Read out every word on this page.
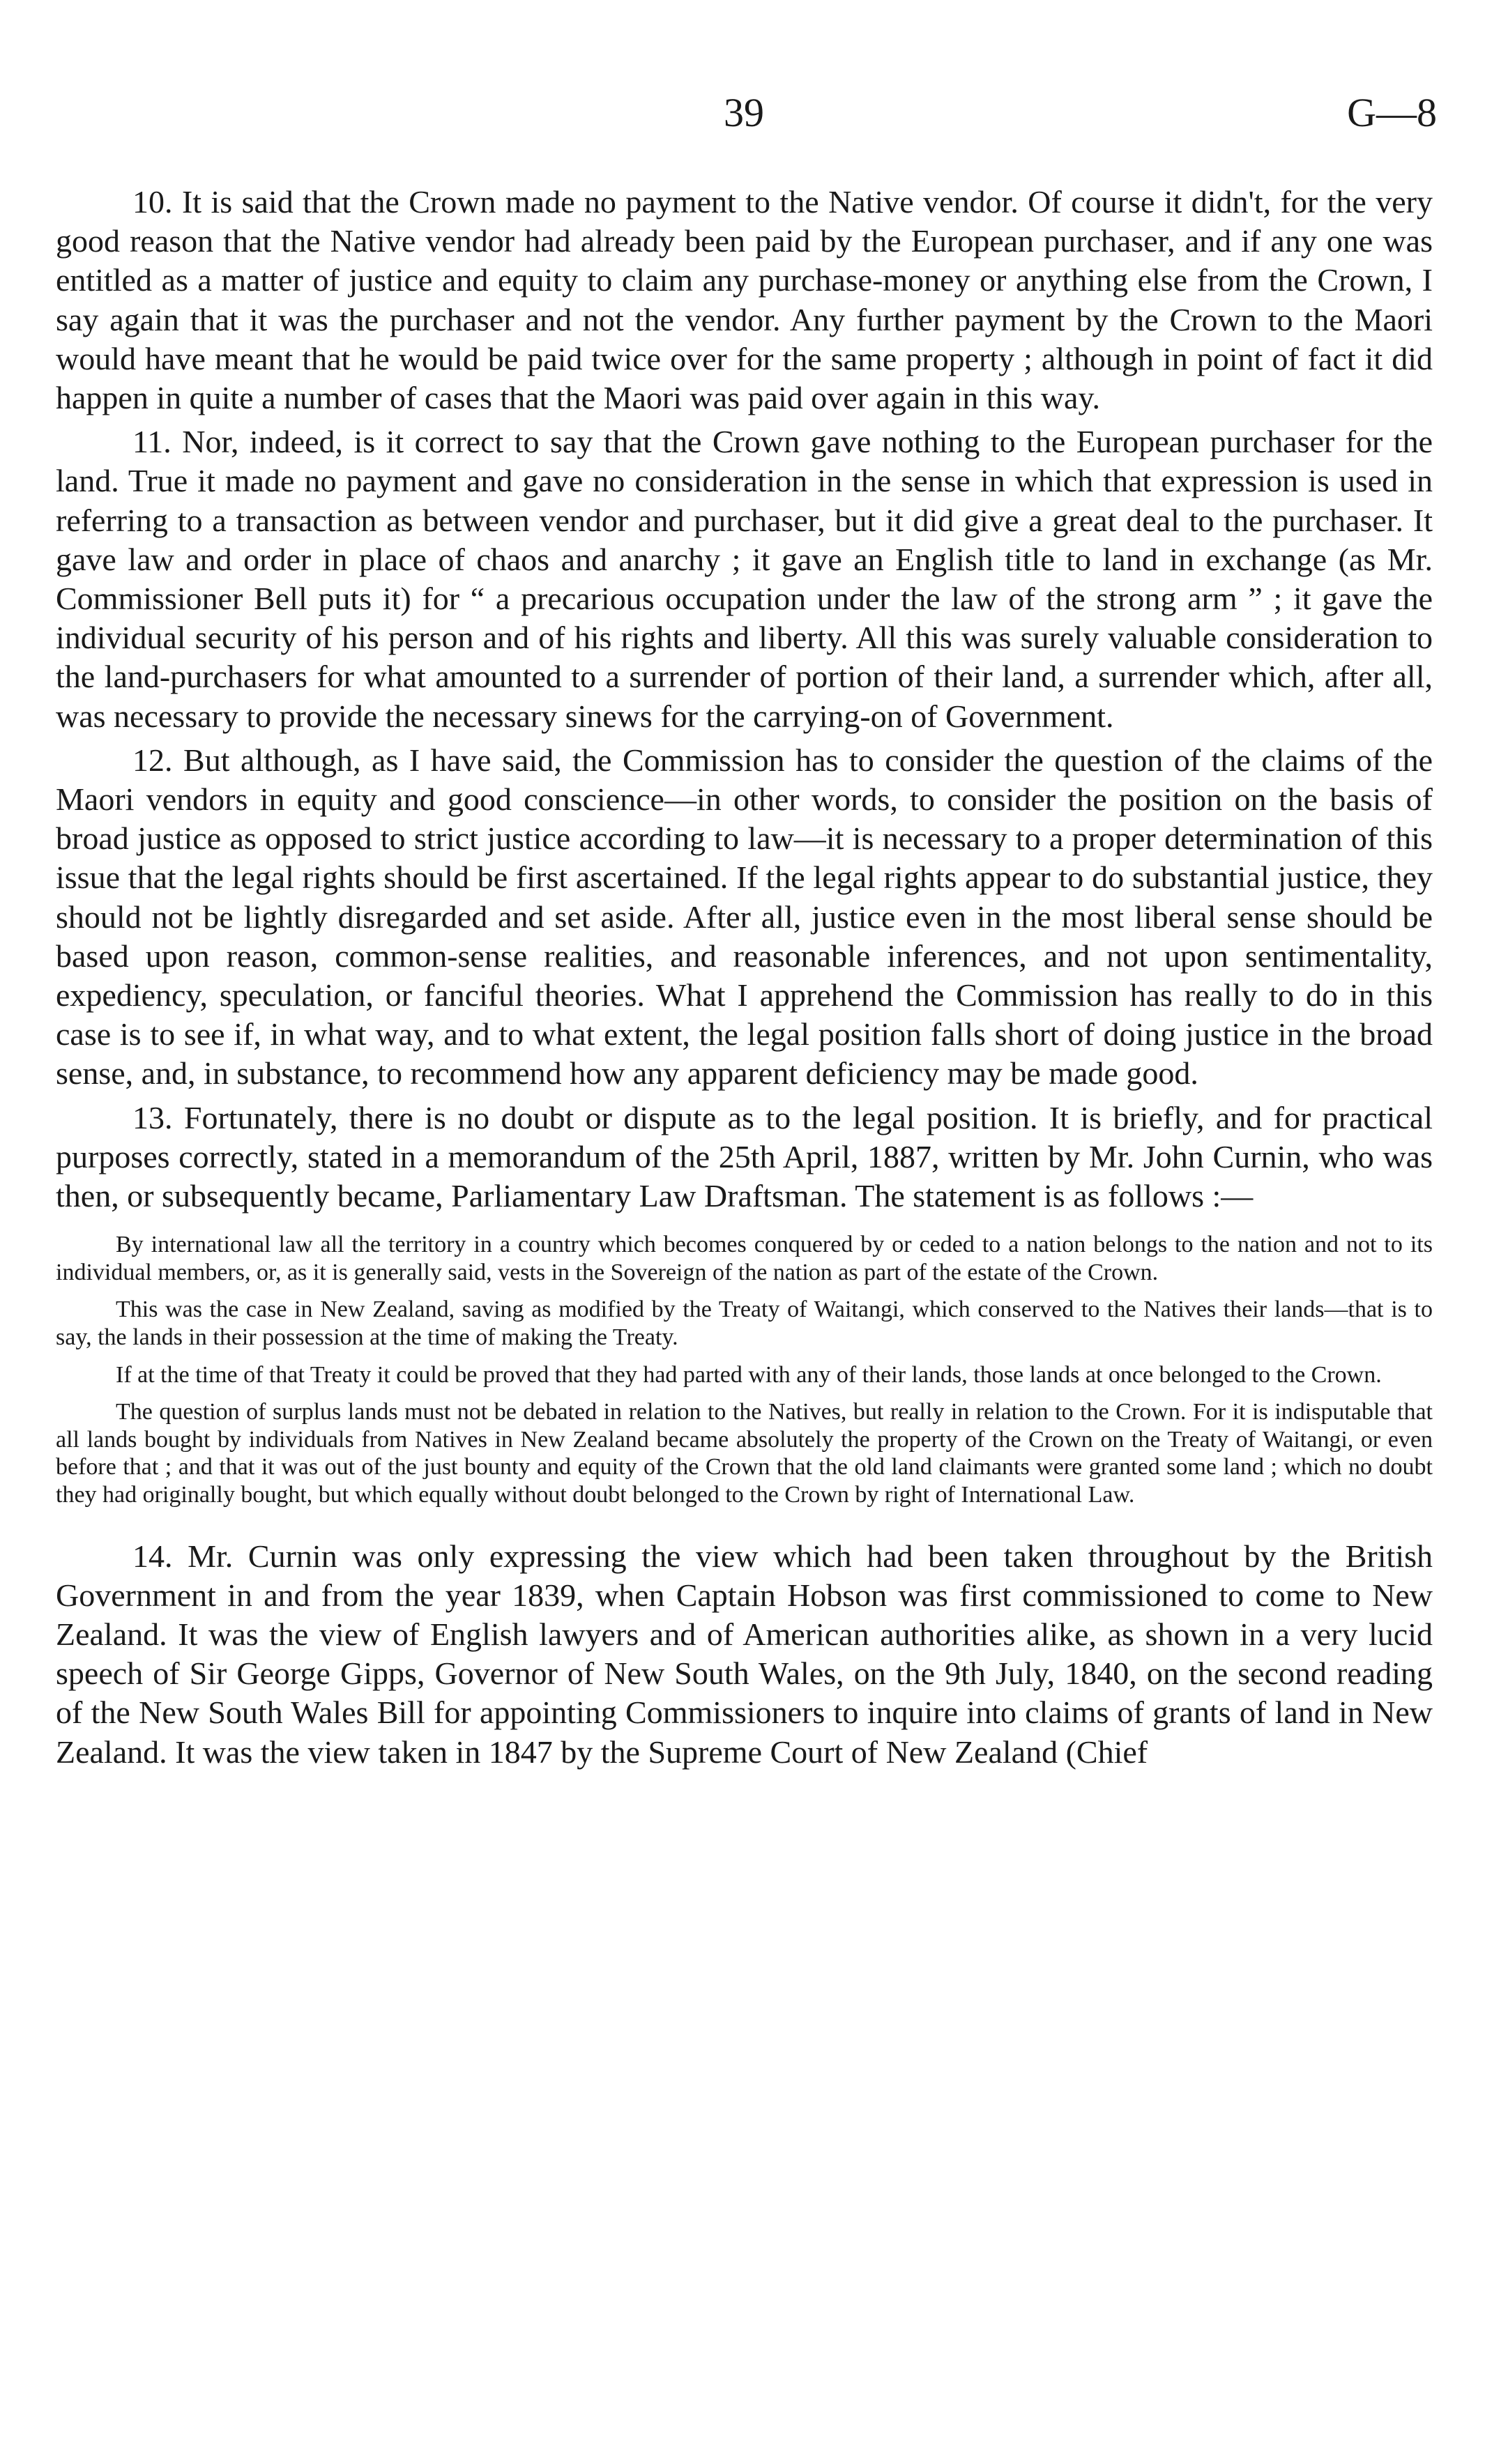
39	G—8

10. It is said that the Crown made no payment to the Native vendor. Of course it didn't, for the very good reason that the Native vendor had already been paid by the European purchaser, and if any one was entitled as a matter of justice and equity to claim any purchase-money or anything else from the Crown, I say again that it was the purchaser and not the vendor. Any further payment by the Crown to the Maori would have meant that he would be paid twice over for the same property ; although in point of fact it did happen in quite a number of cases that the Maori was paid over again in this way.

11. Nor, indeed, is it correct to say that the Crown gave nothing to the European purchaser for the land. True it made no payment and gave no consideration in the sense in which that expression is used in referring to a transaction as between vendor and purchaser, but it did give a great deal to the purchaser. It gave law and order in place of chaos and anarchy ; it gave an English title to land in exchange (as Mr. Commissioner Bell puts it) for “ a precarious occupation under the law of the strong arm ” ; it gave the individual security of his person and of his rights and liberty. All this was surely valuable consideration to the land-purchasers for what amounted to a surrender of portion of their land, a surrender which, after all, was necessary to provide the necessary sinews for the carrying-on of Government.

12. But although, as I have said, the Commission has to consider the question of the claims of the Maori vendors in equity and good conscience—in other words, to consider the position on the basis of broad justice as opposed to strict justice according to law—it is necessary to a proper determination of this issue that the legal rights should be first ascertained. If the legal rights appear to do substantial justice, they should not be lightly disregarded and set aside. After all, justice even in the most liberal sense should be based upon reason, common-sense realities, and reasonable inferences, and not upon sentimentality, expediency, speculation, or fanciful theories. What I apprehend the Commission has really to do in this case is to see if, in what way, and to what extent, the legal position falls short of doing justice in the broad sense, and, in substance, to recommend how any apparent deficiency may be made good.

13. Fortunately, there is no doubt or dispute as to the legal position. It is briefly, and for practical purposes correctly, stated in a memorandum of the 25th April, 1887, written by Mr. John Curnin, who was then, or subsequently became, Parliamentary Law Draftsman. The statement is as follows :—

By international law all the territory in a country which becomes conquered by or ceded to a nation belongs to the nation and not to its individual members, or, as it is generally said, vests in the Sovereign of the nation as part of the estate of the Crown.

This was the case in New Zealand, saving as modified by the Treaty of Waitangi, which conserved to the Natives their lands—that is to say, the lands in their possession at the time of making the Treaty.

If at the time of that Treaty it could be proved that they had parted with any of their lands, those lands at once belonged to the Crown.

The question of surplus lands must not be debated in relation to the Natives, but really in relation to the Crown. For it is indisputable that all lands bought by individuals from Natives in New Zealand became absolutely the property of the Crown on the Treaty of Waitangi, or even before that ; and that it was out of the just bounty and equity of the Crown that the old land claimants were granted some land ; which no doubt they had originally bought, but which equally without doubt belonged to the Crown by right of International Law.

14. Mr. Curnin was only expressing the view which had been taken throughout by the British Government in and from the year 1839, when Captain Hobson was first commissioned to come to New Zealand. It was the view of English lawyers and of American authorities alike, as shown in a very lucid speech of Sir George Gipps, Governor of New South Wales, on the 9th July, 1840, on the second reading of the New South Wales Bill for appointing Commissioners to inquire into claims of grants of land in New Zealand. It was the view taken in 1847 by the Supreme Court of New Zealand (Chief
